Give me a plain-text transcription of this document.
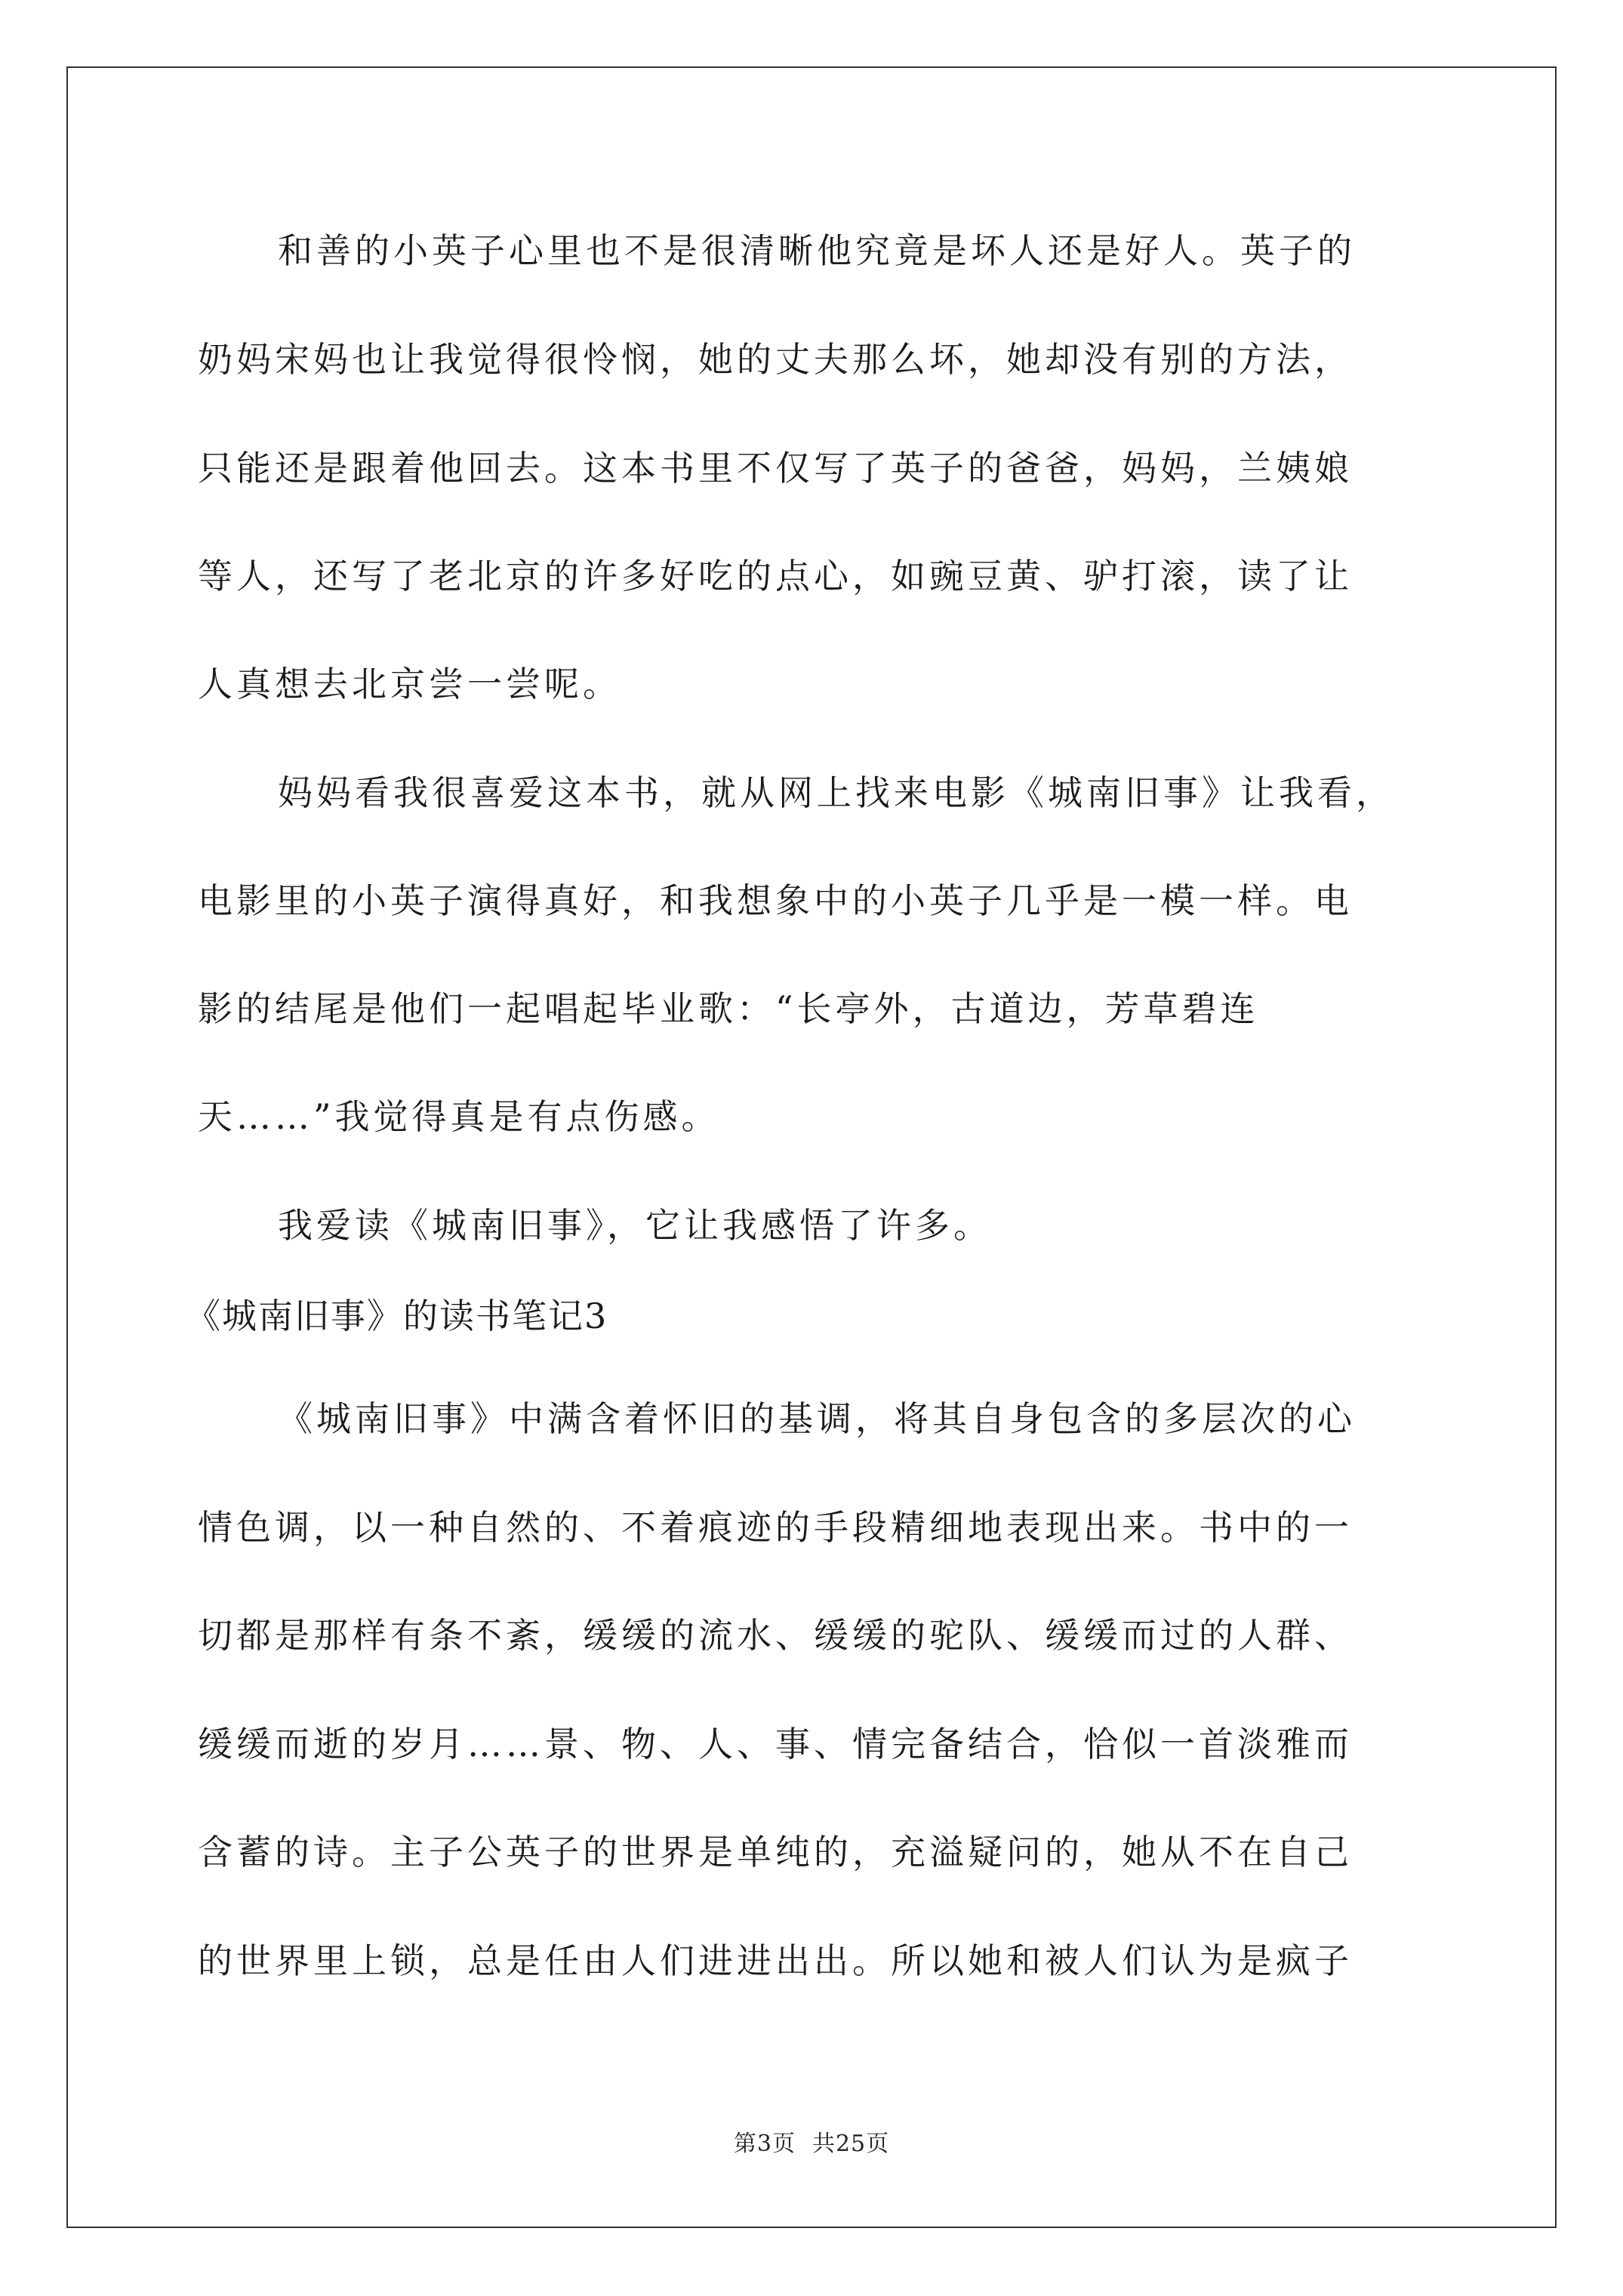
和善的小英子心里也不是很清晰他究竟是坏人还是好人。英子的
奶妈宋妈也让我觉得很怜悯，她的丈夫那么坏，她却没有别的方法，
只能还是跟着他回去。这本书里不仅写了英子的爸爸，妈妈，兰姨娘
等人，还写了老北京的许多好吃的点心，如豌豆黄、驴打滚，读了让
人真想去北京尝一尝呢。
妈妈看我很喜爱这本书，就从网上找来电影《城南旧事》让我看，
电影里的小英子演得真好，和我想象中的小英子几乎是一模一样。电
影的结尾是他们一起唱起毕业歌：“长亭外，古道边，芳草碧连
天……”我觉得真是有点伤感。
我爱读《城南旧事》，它让我感悟了许多。
《城南旧事》的读书笔记3
《城南旧事》中满含着怀旧的基调，将其自身包含的多层次的心
情色调，以一种自然的、不着痕迹的手段精细地表现出来。书中的一
切都是那样有条不紊，缓缓的流水、缓缓的驼队、缓缓而过的人群、
缓缓而逝的岁月……景、物、人、事、情完备结合，恰似一首淡雅而
含蓄的诗。主子公英子的世界是单纯的，充溢疑问的，她从不在自己
的世界里上锁，总是任由人们进进出出。所以她和被人们认为是疯子
第3页 共25页
